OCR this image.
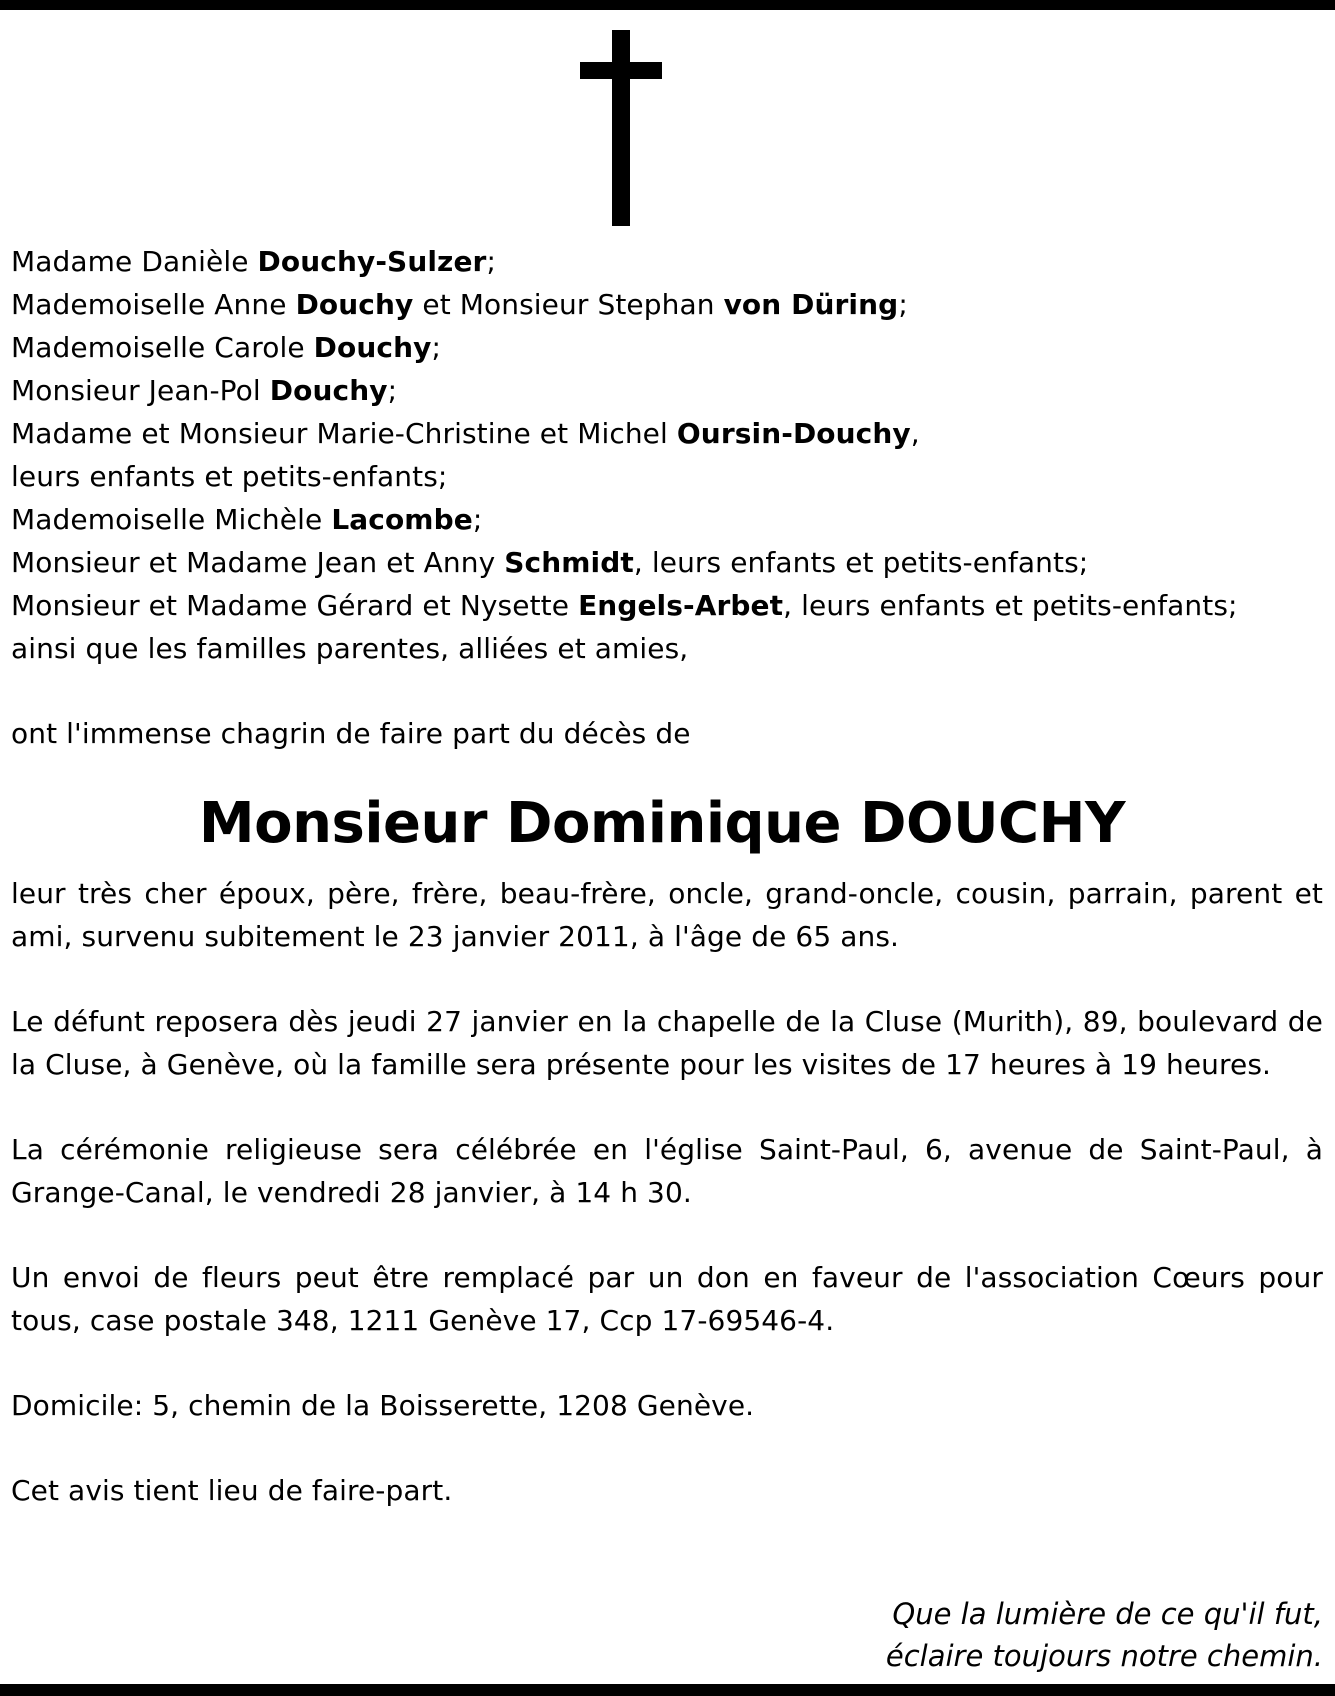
Madame Danièle Douchy-Sulzer;
Mademoiselle Anne Douchy et Monsieur Stephan von Düring;
Mademoiselle Carole Douchy;
Monsieur Jean-Pol Douchy;
Madame et Monsieur Marie-Christine et Michel Oursin-Douchy,
leurs enfants et petits-enfants;
Mademoiselle Michèle Lacombe;
Monsieur et Madame Jean et Anny Schmidt, leurs enfants et petits-enfants;
Monsieur et Madame Gérard et Nysette Engels-Arbet, leurs enfants et petits-enfants;
ainsi que les familles parentes, alliées et amies,
ont l'immense chagrin de faire part du décès de
Monsieur Dominique DOUCHY
leur très cher époux, père, frère, beau-frère, oncle, grand-oncle, cousin, parrain, parent et ami, survenu subitement le 23 janvier 2011, à l'âge de 65 ans.
Le défunt reposera dès jeudi 27 janvier en la chapelle de la Cluse (Murith), 89, boulevard de la Cluse, à Genève, où la famille sera présente pour les visites de 17 heures à 19 heures.
La cérémonie religieuse sera célébrée en l'église Saint-Paul, 6, avenue de Saint-Paul, à Grange-Canal, le vendredi 28 janvier, à 14 h 30.
Un envoi de fleurs peut être remplacé par un don en faveur de l'association Cœurs pour tous, case postale 348, 1211 Genève 17, Ccp 17-69546-4.
Domicile: 5, chemin de la Boisserette, 1208 Genève.
Cet avis tient lieu de faire-part.
Que la lumière de ce qu'il fut,
éclaire toujours notre chemin.
